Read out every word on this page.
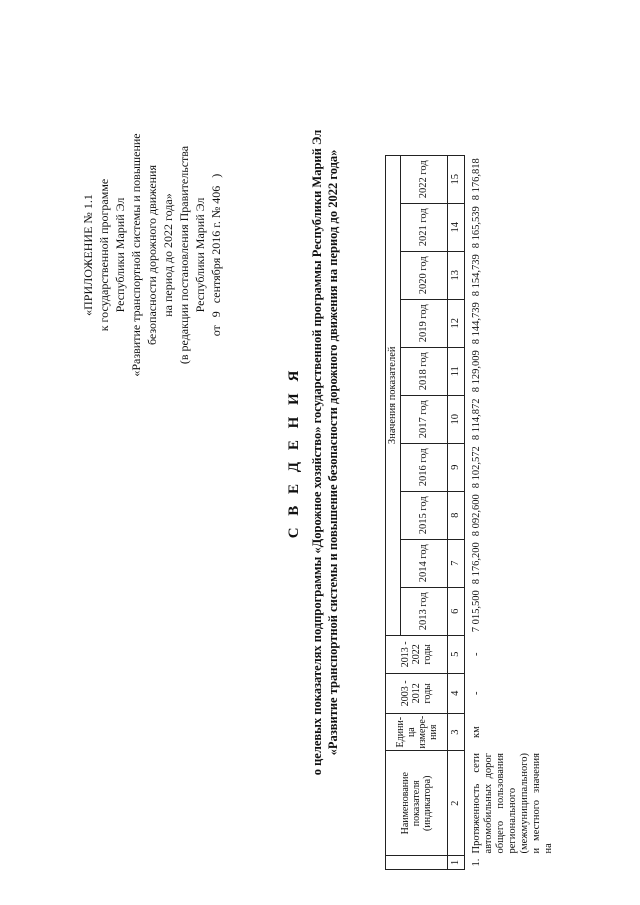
«ПРИЛОЖЕНИЕ № 1.1 к государственной программе Республики Марий Эл «Развитие транспортной системы и повышение безопасности дорожного движения на период до 2022 года» (в редакции постановления Правительства Республики Марий Эл
от9сентября 2016 г. № 406)
С В Е Д Е Н И Я о целевых показателях подпрограммы «Дорожное хозяйство» государственной программы Республики Марий Эл «Развитие транспортной системы и повышение безопасности дорожного движения на период до 2022 года»
	Наименование показателя (индикатора)	Едини-ца измере-ния	2003 - 2012 годы	2013 - 2022 годы	Значения показателей									
					2013 год	2014 год	2015 год	2016 год	2017 год	2018 год	2019 год	2020 год	2021 год	2022 год
1	2	3	4	5	6	7	8	9	10	11	12	13	14	15
1.	Протяженность сети автомобильных дорог общего пользования регионального (межмуниципального) и местного значения на	км	-	-	7 015,500	8 176,200	8 092,600	8 102,572	8 114,872	8 129,009	8 144,739	8 154,739	8 165,539	8 176,818
